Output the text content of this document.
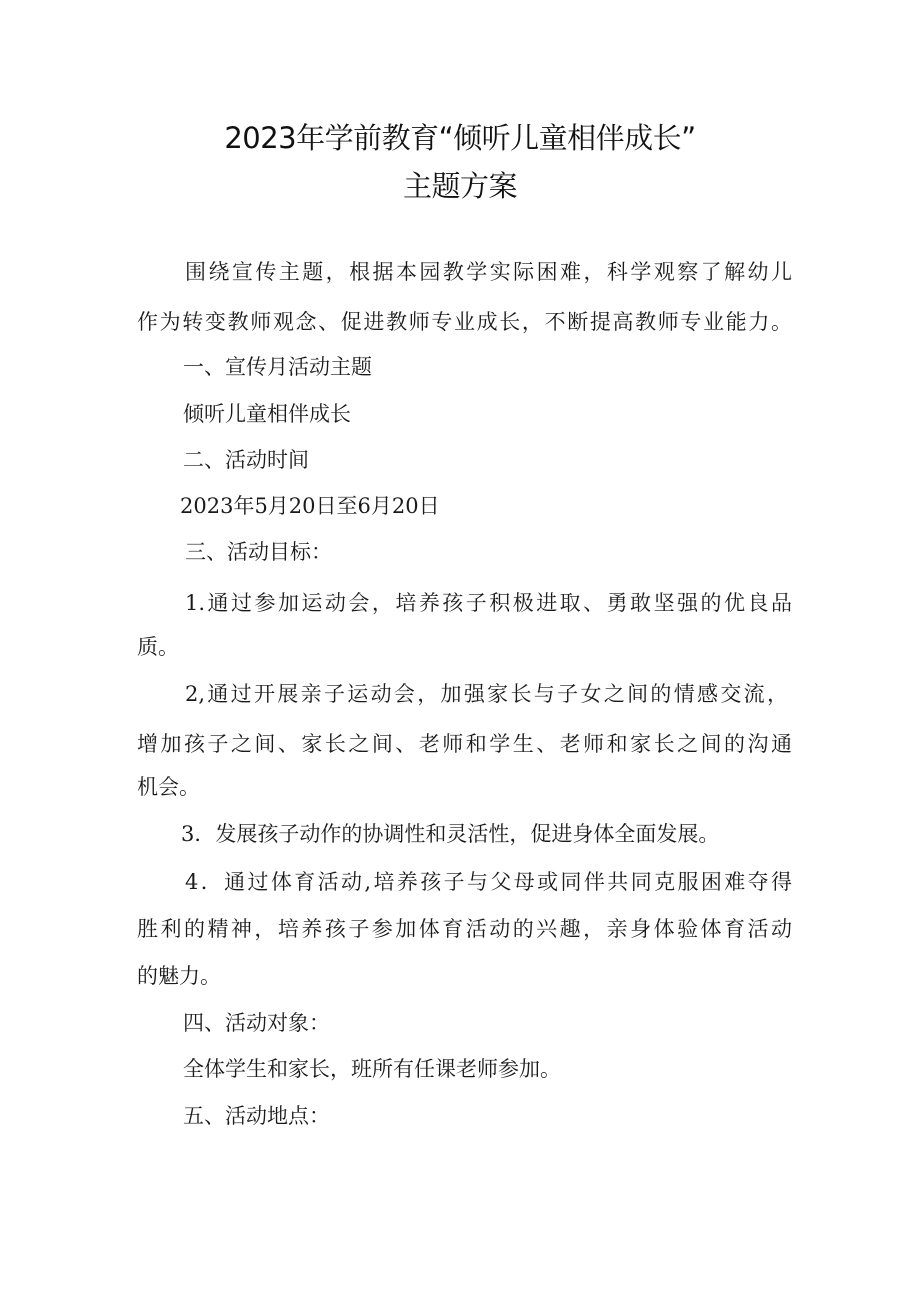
2023年学前教育“倾听儿童相伴成长”
主题方案
围绕宣传主题，根据本园教学实际困难，科学观察了解幼儿
作为转变教师观念、促进教师专业成长，不断提高教师专业能力。
一、宣传月活动主题
倾听儿童相伴成长
二、活动时间
2023年5月20日至6月20日
三、活动目标：
1.通过参加运动会，培养孩子积极进取、勇敢坚强的优良品
质。
2,通过开展亲子运动会，加强家长与子女之间的情感交流，
增加孩子之间、家长之间、老师和学生、老师和家长之间的沟通
机会。
3．发展孩子动作的协调性和灵活性，促进身体全面发展。
4．通过体育活动,培养孩子与父母或同伴共同克服困难夺得
胜利的精神，培养孩子参加体育活动的兴趣，亲身体验体育活动
的魅力。
四、活动对象：
全体学生和家长，班所有任课老师参加。
五、活动地点：
